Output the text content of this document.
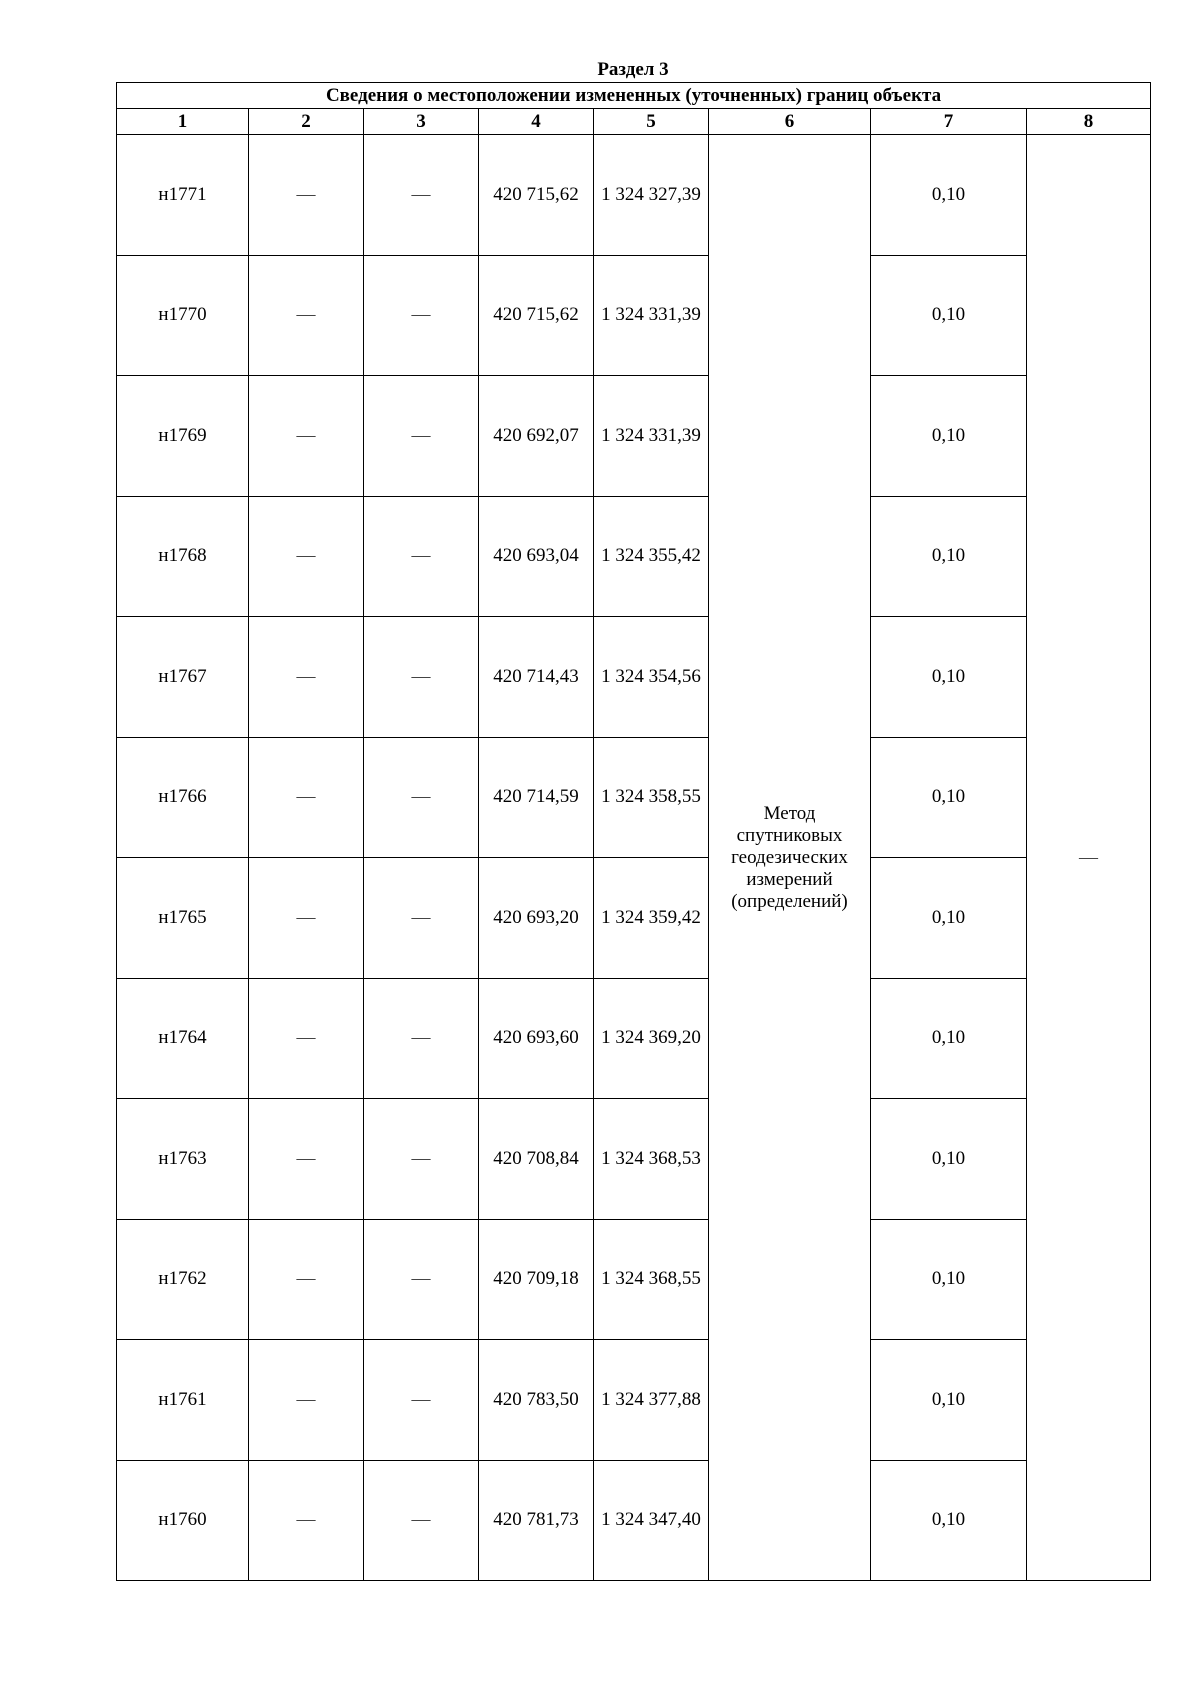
Раздел 3
Сведения о местоположении измененных (уточненных) границ объекта							
1	2	3	4	5	6	7	8
н1771	—	—	420 715,62	1 324 327,39	Метод спутниковых геодезических измерений (определений)	0,10	—
н1770	—	—	420 715,62	1 324 331,39		0,10	
н1769	—	—	420 692,07	1 324 331,39		0,10	
н1768	—	—	420 693,04	1 324 355,42		0,10	
н1767	—	—	420 714,43	1 324 354,56		0,10	
н1766	—	—	420 714,59	1 324 358,55		0,10	
н1765	—	—	420 693,20	1 324 359,42		0,10	
н1764	—	—	420 693,60	1 324 369,20		0,10	
н1763	—	—	420 708,84	1 324 368,53		0,10	
н1762	—	—	420 709,18	1 324 368,55		0,10	
н1761	—	—	420 783,50	1 324 377,88		0,10	
н1760	—	—	420 781,73	1 324 347,40		0,10	
